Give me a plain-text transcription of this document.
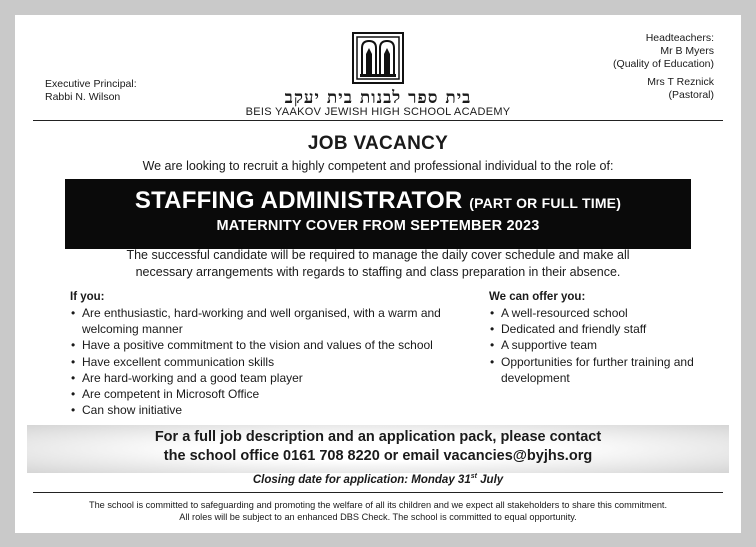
Executive Principal:
Rabbi N. Wilson
Headteachers:
Mr B Myers
(Quality of Education)
Mrs T Reznick
(Pastoral)
בית ספר לבנות בית יעקב
BEIS YAAKOV JEWISH HIGH SCHOOL ACADEMY
JOB VACANCY
We are looking to recruit a highly competent and professional individual to the role of:
STAFFING ADMINISTRATOR (PART OR FULL TIME)
MATERNITY COVER FROM SEPTEMBER 2023
The successful candidate will be required to manage the daily cover schedule and make all
necessary arrangements with regards to staffing and class preparation in their absence.
If you:
• Are enthusiastic, hard-working and well organised, with a warm and welcoming manner
• Have a positive commitment to the vision and values of the school
• Have excellent communication skills
• Are hard-working and a good team player
• Are competent in Microsoft Office
• Can show initiative
We can offer you:
• A well-resourced school
• Dedicated and friendly staff
• A supportive team
• Opportunities for further training and development
For a full job description and an application pack, please contact
the school office 0161 708 8220 or email vacancies@byjhs.org
Closing date for application: Monday 31st July
The school is committed to safeguarding and promoting the welfare of all its children and we expect all stakeholders to share this commitment.
All roles will be subject to an enhanced DBS Check. The school is committed to equal opportunity.
